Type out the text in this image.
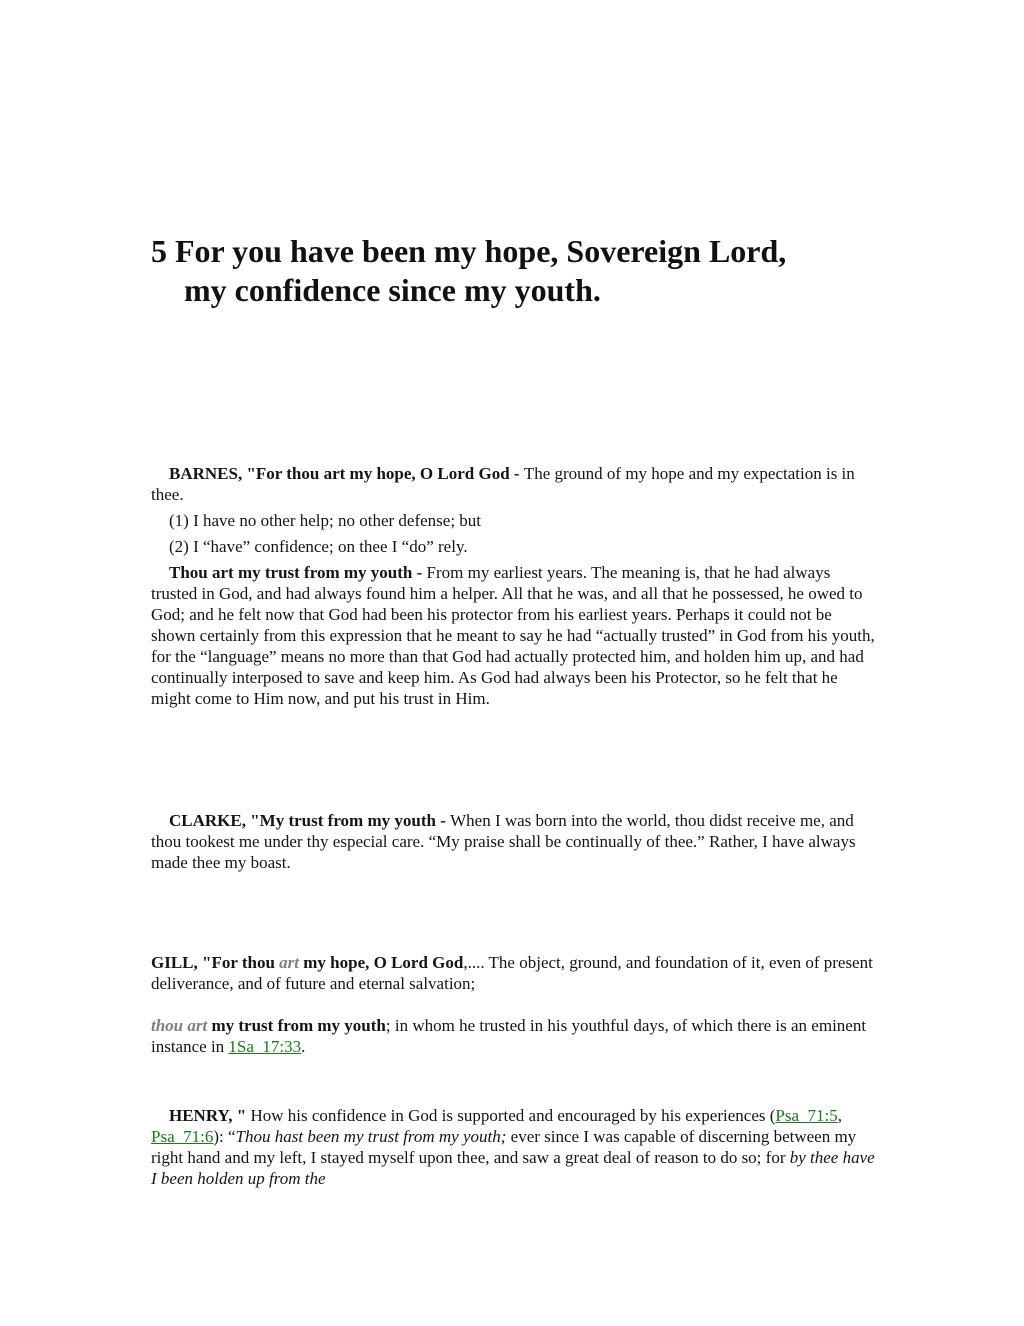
5 For you have been my hope, Sovereign Lord,
my confidence since my youth.

BARNES, "For thou art my hope, O Lord God - The ground of my hope and my expectation is in thee.

(1) I have no other help; no other defense; but

(2) I “have” confidence; on thee I “do” rely.

Thou art my trust from my youth - From my earliest years. The meaning is, that he had always trusted in God, and had always found him a helper. All that he was, and all that he possessed, he owed to God; and he felt now that God had been his protector from his earliest years. Perhaps it could not be shown certainly from this expression that he meant to say he had “actually trusted” in God from his youth, for the “language” means no more than that God had actually protected him, and holden him up, and had continually interposed to save and keep him. As God had always been his Protector, so he felt that he might come to Him now, and put his trust in Him.

CLARKE, "My trust from my youth - When I was born into the world, thou didst receive me, and thou tookest me under thy especial care. “My praise shall be continually of thee.” Rather, I have always made thee my boast.

GILL, "For thou art my hope, O Lord God,.... The object, ground, and foundation of it, even of present deliverance, and of future and eternal salvation;

thou art my trust from my youth; in whom he trusted in his youthful days, of which there is an eminent instance in 1Sa_17:33.

HENRY, " How his confidence in God is supported and encouraged by his experiences (Psa_71:5, Psa_71:6): “Thou hast been my trust from my youth; ever since I was capable of discerning between my right hand and my left, I stayed myself upon thee, and saw a great deal of reason to do so; for by thee have I been holden up from the
